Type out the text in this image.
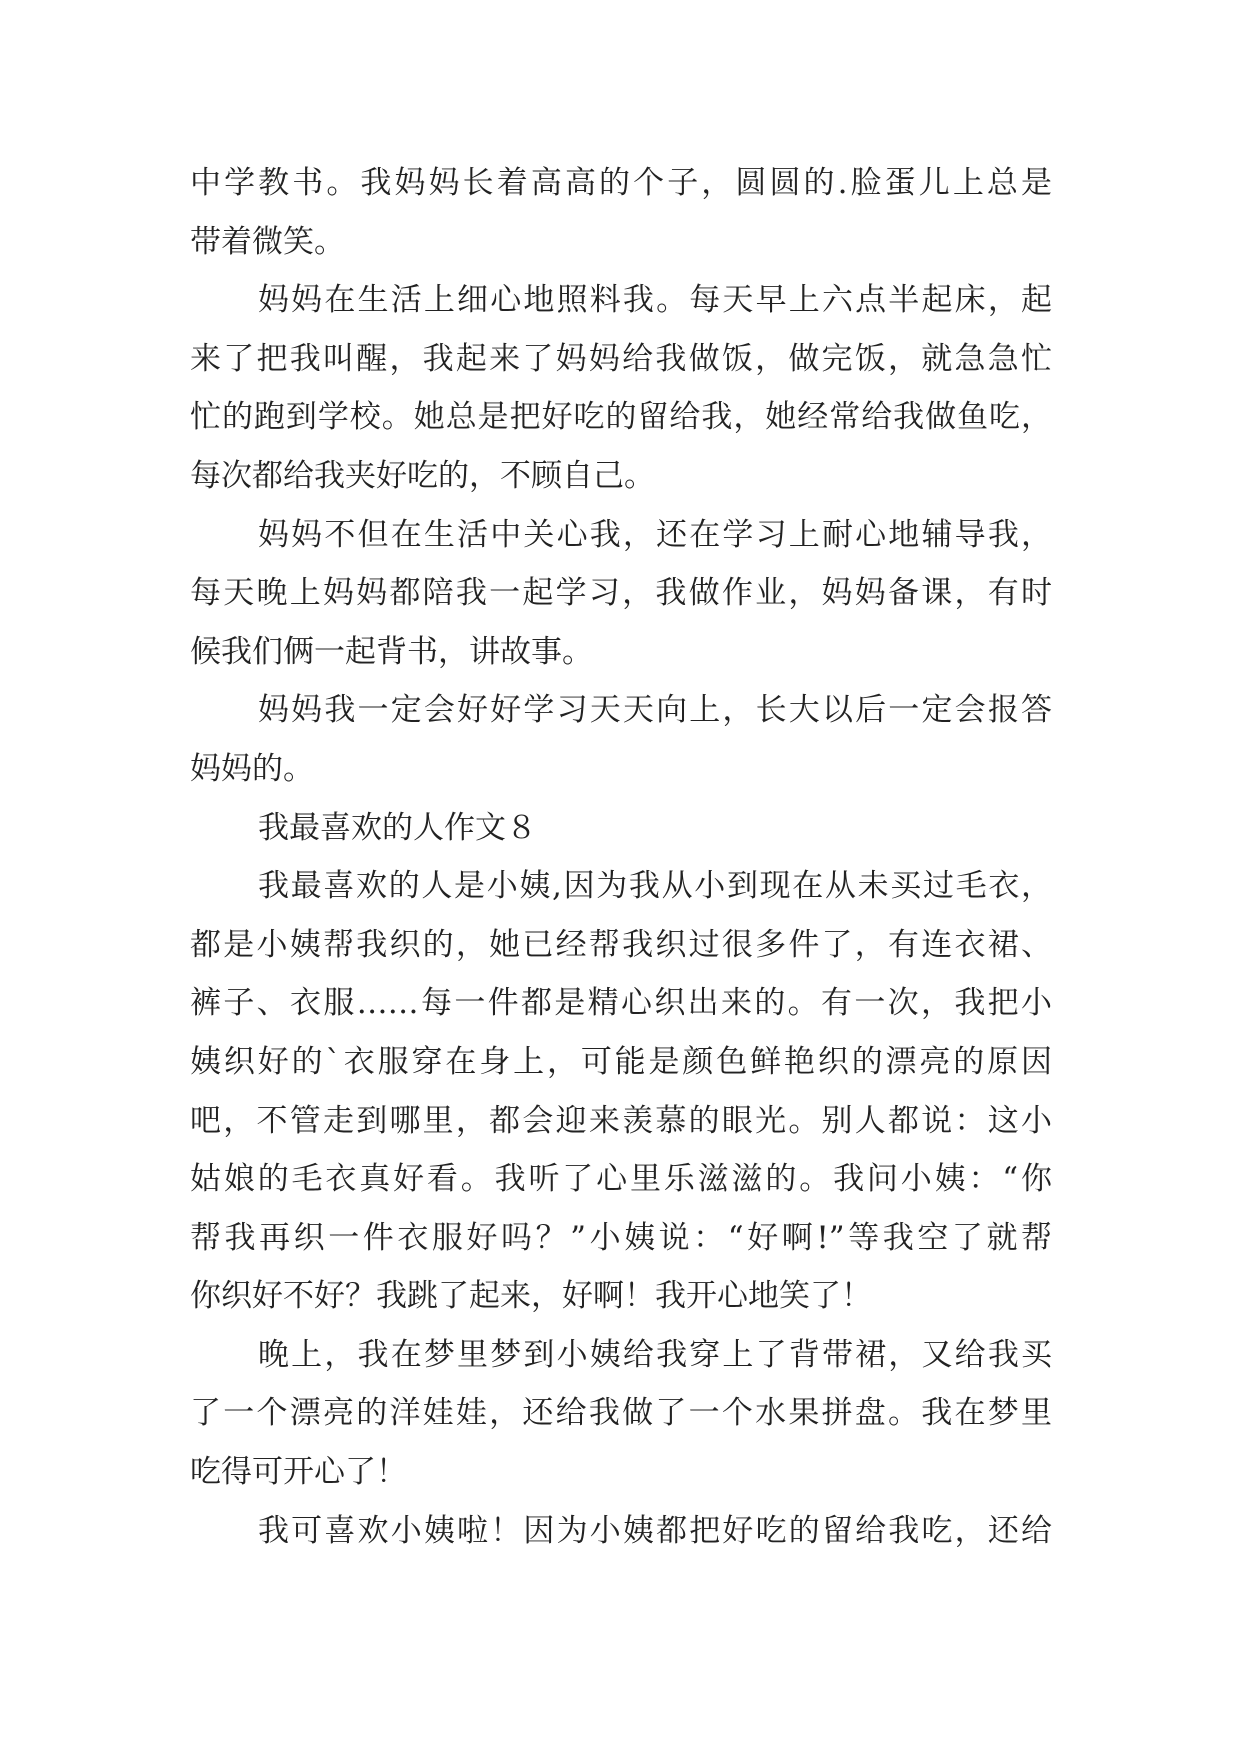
中学教书。我妈妈长着高高的个子，圆圆的.脸蛋儿上总是
带着微笑。
妈妈在生活上细心地照料我。每天早上六点半起床，起
来了把我叫醒，我起来了妈妈给我做饭，做完饭，就急急忙
忙的跑到学校。她总是把好吃的留给我，她经常给我做鱼吃，
每次都给我夹好吃的，不顾自己。
妈妈不但在生活中关心我，还在学习上耐心地辅导我，
每天晚上妈妈都陪我一起学习，我做作业，妈妈备课，有时
候我们俩一起背书，讲故事。
妈妈我一定会好好学习天天向上，长大以后一定会报答
妈妈的。
我最喜欢的人作文８
我最喜欢的人是小姨,因为我从小到现在从未买过毛衣，
都是小姨帮我织的，她已经帮我织过很多件了，有连衣裙、
裤子、衣服……每一件都是精心织出来的。有一次，我把小
姨织好的`衣服穿在身上，可能是颜色鲜艳织的漂亮的原因
吧，不管走到哪里，都会迎来羡慕的眼光。别人都说：这小
姑娘的毛衣真好看。我听了心里乐滋滋的。我问小姨：“你
帮我再织一件衣服好吗？”小姨说：“好啊!”等我空了就帮
你织好不好？我跳了起来，好啊！我开心地笑了！
晚上，我在梦里梦到小姨给我穿上了背带裙，又给我买
了一个漂亮的洋娃娃，还给我做了一个水果拼盘。我在梦里
吃得可开心了！
我可喜欢小姨啦！因为小姨都把好吃的留给我吃，还给
